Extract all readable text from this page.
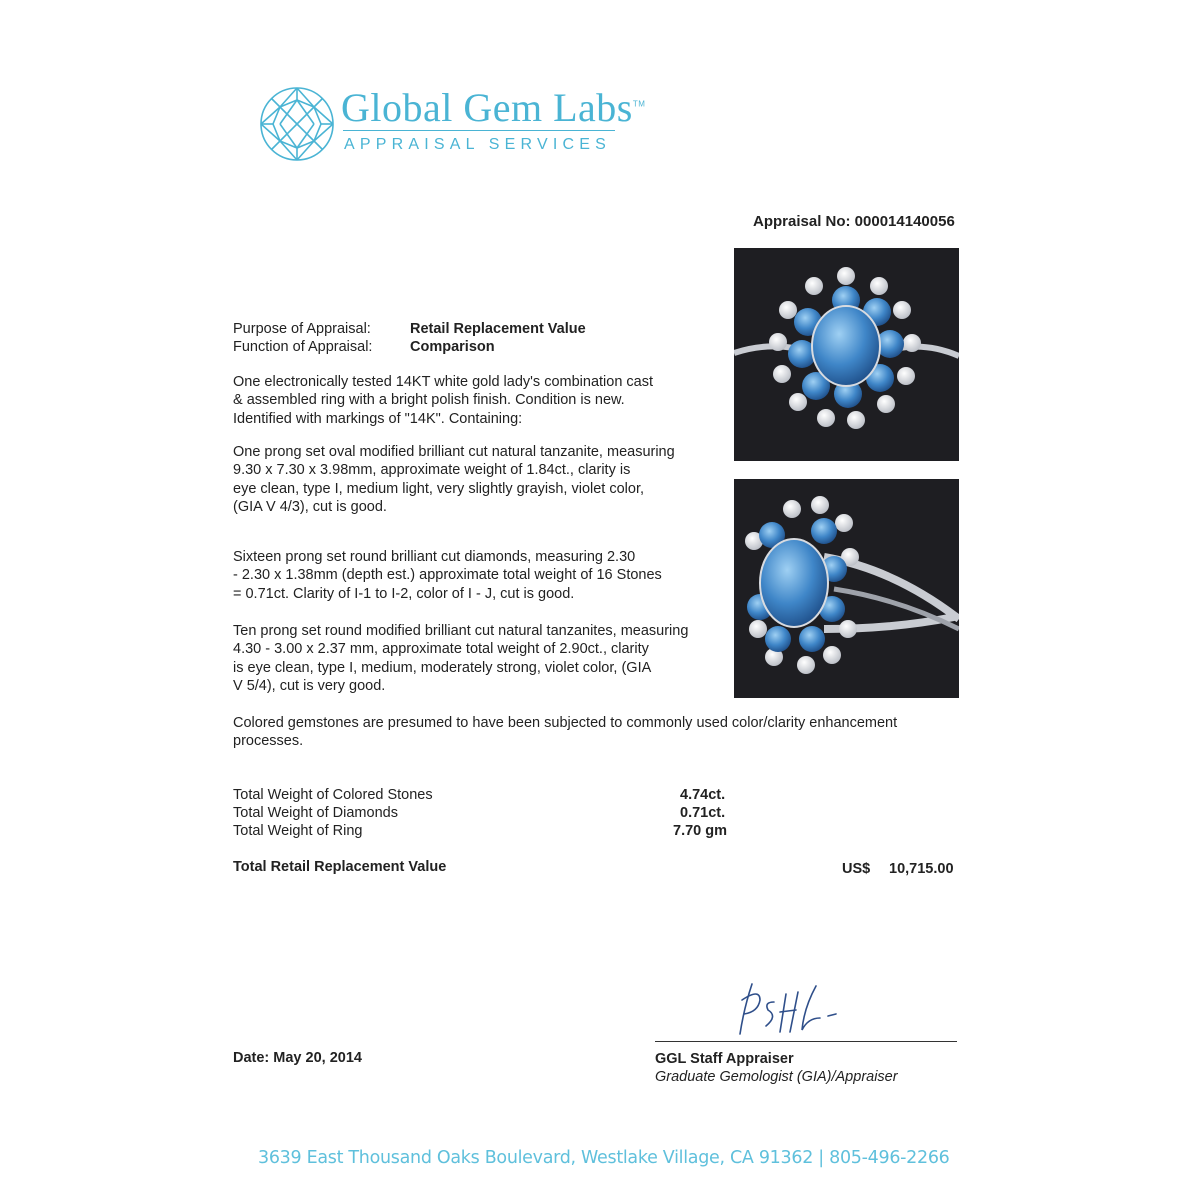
Global Gem Labs™
APPRAISAL SERVICES
Appraisal No: 000014140056
Purpose of Appraisal:	Retail Replacement Value
Function of Appraisal:	Comparison
One electronically tested 14KT white gold lady's combination cast
& assembled ring with a bright polish finish. Condition is new.
Identified with markings of "14K". Containing:
One prong set oval modified brilliant cut natural tanzanite, measuring
9.30 x 7.30 x 3.98mm, approximate weight of 1.84ct., clarity is
eye clean, type I, medium light, very slightly grayish, violet color,
(GIA V 4/3), cut is good.
Sixteen prong set round brilliant cut diamonds, measuring 2.30
- 2.30 x 1.38mm (depth est.) approximate total weight of 16 Stones
= 0.71ct. Clarity of I-1 to I-2, color of I - J, cut is good.
Ten prong set round modified brilliant cut natural tanzanites, measuring
4.30 - 3.00 x 2.37 mm, approximate total weight of 2.90ct., clarity
is eye clean, type I, medium, moderately strong, violet color, (GIA
V 5/4), cut is very good.
Colored gemstones are presumed to have been subjected to commonly used color/clarity enhancement
processes.
Total Weight of Colored Stones	4.74ct.
Total Weight of Diamonds	0.71ct.
Total Weight of Ring	7.70 gm
Total Retail Replacement Value	US$ 10,715.00
Date: May 20, 2014	GGL Staff Appraiser
Graduate Gemologist (GIA)/Appraiser
3639 East Thousand Oaks Boulevard, Westlake Village, CA 91362 | 805-496-2266
